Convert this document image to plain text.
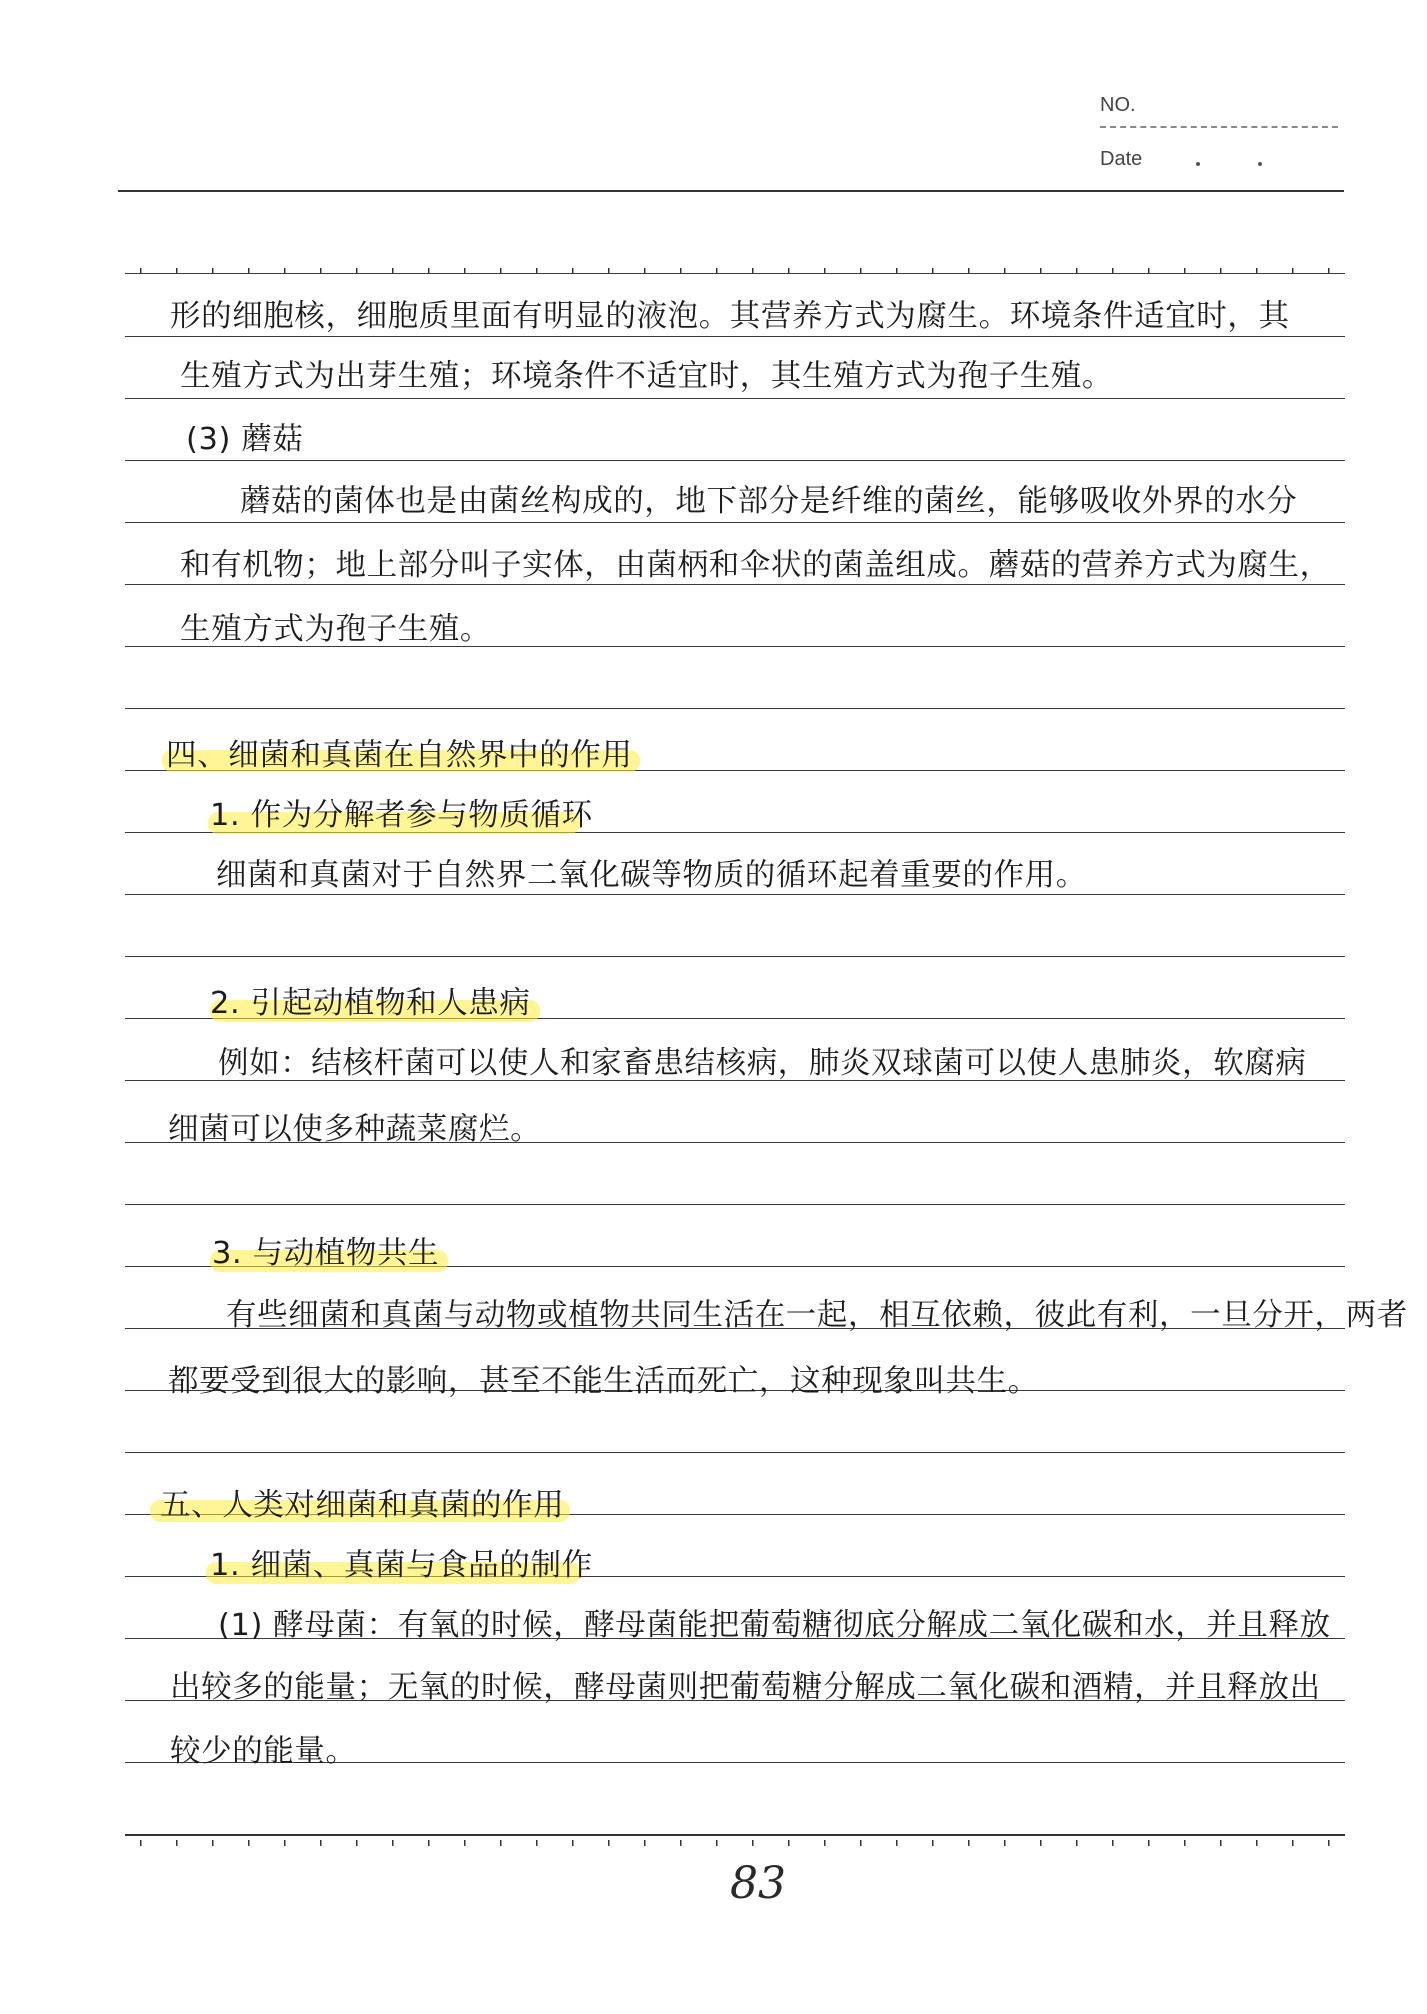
NO.
Date
形的细胞核，细胞质里面有明显的液泡。其营养方式为腐生。环境条件适宜时，其
生殖方式为出芽生殖；环境条件不适宜时，其生殖方式为孢子生殖。
(3) 蘑菇
蘑菇的菌体也是由菌丝构成的，地下部分是纤维的菌丝，能够吸收外界的水分
和有机物；地上部分叫子实体，由菌柄和伞状的菌盖组成。蘑菇的营养方式为腐生，
生殖方式为孢子生殖。
四、细菌和真菌在自然界中的作用
1. 作为分解者参与物质循环
细菌和真菌对于自然界二氧化碳等物质的循环起着重要的作用。
2. 引起动植物和人患病
例如：结核杆菌可以使人和家畜患结核病，肺炎双球菌可以使人患肺炎，软腐病
细菌可以使多种蔬菜腐烂。
3. 与动植物共生
有些细菌和真菌与动物或植物共同生活在一起，相互依赖，彼此有利，一旦分开，两者
都要受到很大的影响，甚至不能生活而死亡，这种现象叫共生。
五、人类对细菌和真菌的作用
1. 细菌、真菌与食品的制作
(1) 酵母菌：有氧的时候，酵母菌能把葡萄糖彻底分解成二氧化碳和水，并且释放
出较多的能量；无氧的时候，酵母菌则把葡萄糖分解成二氧化碳和酒精，并且释放出
较少的能量。
83
